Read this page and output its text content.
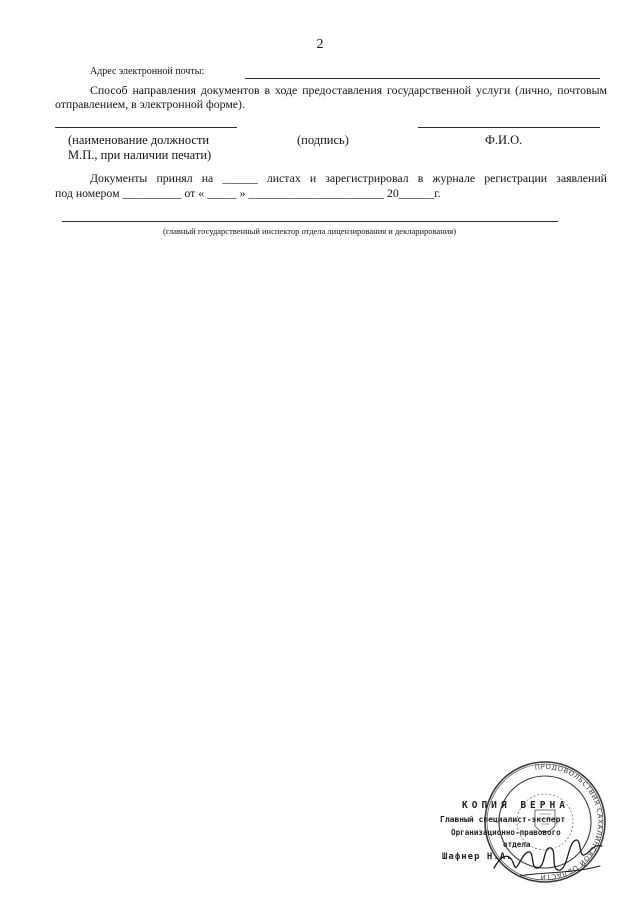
2
Адрес электронной почты:
Способ направления документов в ходе предоставления государственной услуги (лично, почтовым
отправлением, в электронной форме).
(наименование должности	(подпись)	Ф.И.О.
М.П., при наличии печати)
Документы принял на ______ листах и зарегистрировал в журнале регистрации заявлений
под номером __________ от « _____ » _______________________ 20______г.
(главный государственный инспектор отдела лицензирования и декларирования)
ПРОДОВОЛЬСТВИЯ САХАЛИНСКОЙ ОБЛАСТИ
КОПИЯ ВЕРНА
Главный специалист-эксперт
Организационно-правового
отдела
Шафнер Н.А.
